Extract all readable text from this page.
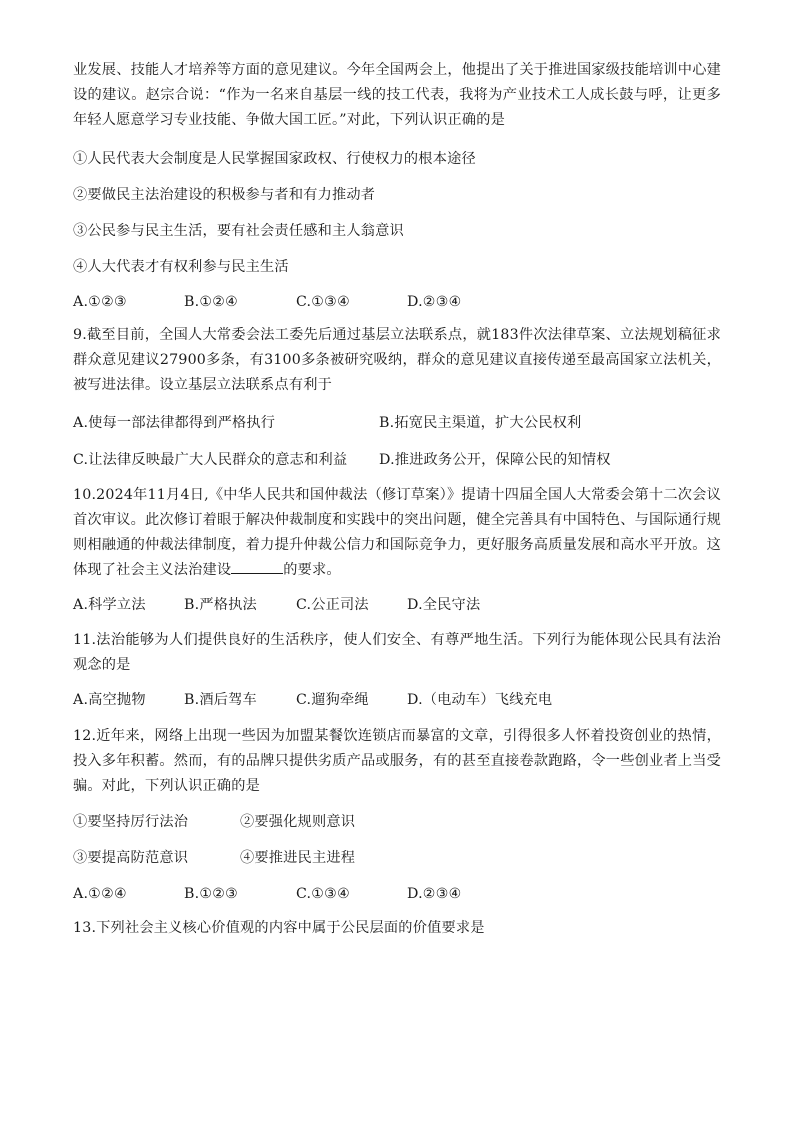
业发展、技能人才培养等方面的意见建议。今年全国两会上，他提出了关于推进国家级技能培训中心建设的建议。赵宗合说：“作为一名来自基层一线的技工代表，我将为产业技术工人成长鼓与呼，让更多年轻人愿意学习专业技能、争做大国工匠。”对此，下列认识正确的是

①人民代表大会制度是人民掌握国家政权、行使权力的根本途径

②要做民主法治建设的积极参与者和有力推动者

③公民参与民主生活，要有社会责任感和主人翁意识

④人大代表才有权利参与民主生活

A.①②③	B.①②④	C.①③④	D.②③④

9.截至目前，全国人大常委会法工委先后通过基层立法联系点，就183件次法律草案、立法规划稿征求群众意见建议27900多条，有3100多条被研究吸纳，群众的意见建议直接传递至最高国家立法机关，被写进法律。设立基层立法联系点有利于

A.使每一部法律都得到严格执行	B.拓宽民主渠道，扩大公民权利
C.让法律反映最广大人民群众的意志和利益 D.推进政务公开，保障公民的知情权

10.2024年11月4日,《中华人民共和国仲裁法（修订草案）》提请十四届全国人大常委会第十二次会议首次审议。此次修订着眼于解决仲裁制度和实践中的突出问题，健全完善具有中国特色、与国际通行规则相融通的仲裁法律制度，着力提升仲裁公信力和国际竞争力，更好服务高质量发展和高水平开放。这体现了社会主义法治建设	的要求。

A.科学立法	B.严格执法	C.公正司法	D.全民守法

11.法治能够为人们提供良好的生活秩序，使人们安全、有尊严地生活。下列行为能体现公民具有法治观念的是

A.高空抛物	B.酒后驾车	C.遛狗牵绳	D.（电动车）飞线充电

12.近年来，网络上出现一些因为加盟某餐饮连锁店而暴富的文章，引得很多人怀着投资创业的热情，投入多年积蓄。然而，有的品牌只提供劣质产品或服务，有的甚至直接卷款跑路，令一些创业者上当受骗。对此，下列认识正确的是

①要坚持厉行法治	②要强化规则意识
③要提高防范意识	④要推进民主进程
A.①②④	B.①②③	C.①③④	D.②③④

13.下列社会主义核心价值观的内容中属于公民层面的价值要求是
